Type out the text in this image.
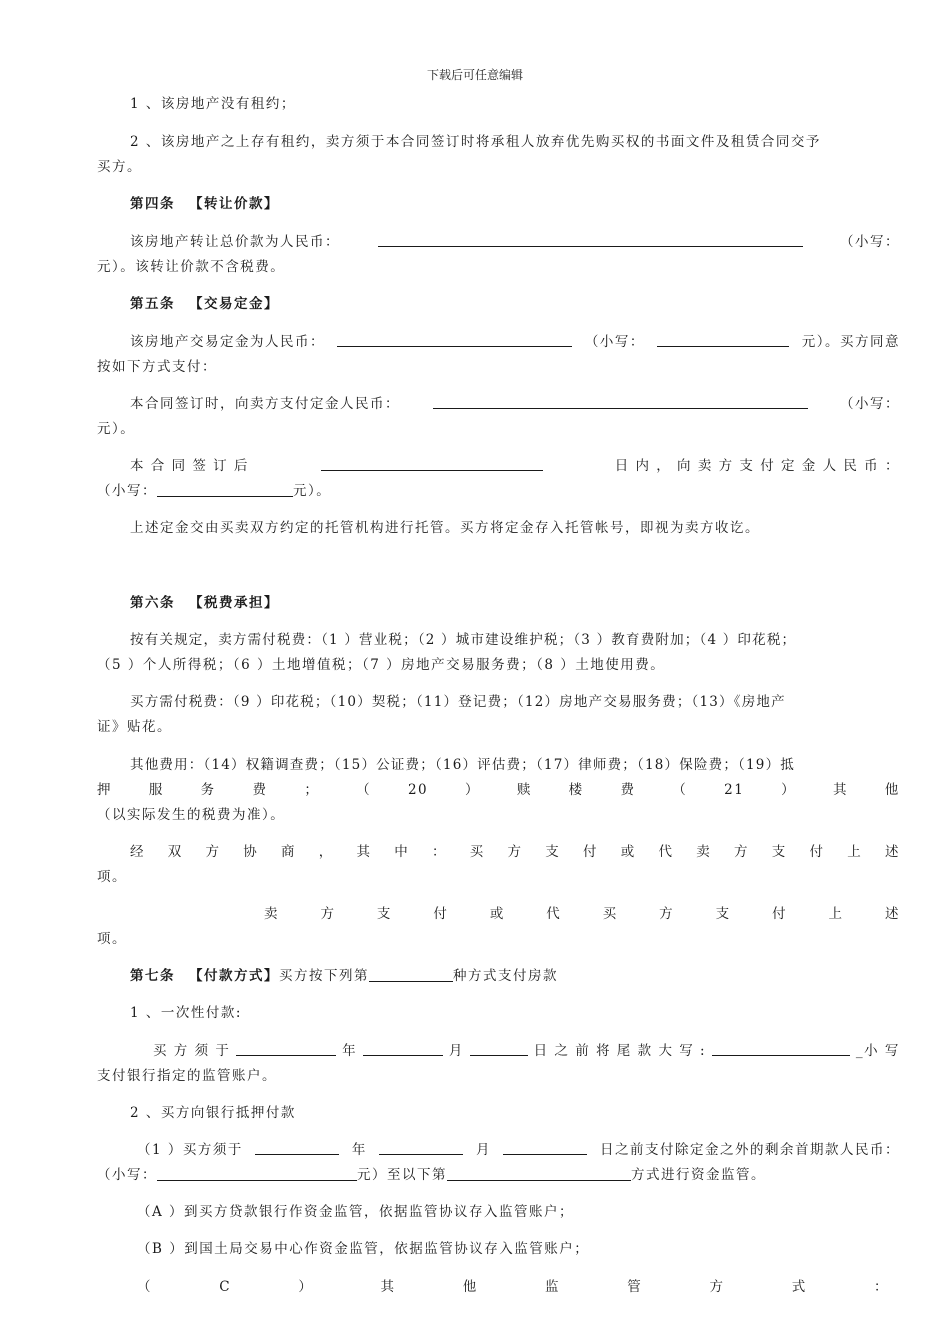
下载后可任意编辑
1 、该房地产没有租约；
2 、该房地产之上存有租约，卖方须于本合同签订时将承租人放弃优先购买权的书面文件及租赁合同交予
买方。
第四条 【转让价款】
该房地产转让总价款为人民币：	（小写：
元）。该转让价款不含税费。
第五条 【交易定金】
该房地产交易定金为人民币：	（小写：	元）。买方同意
按如下方式支付：
本合同签订时，向卖方支付定金人民币：	（小写：
元）。
本 合 同 签 订 后	日 内 ， 向 卖 方 支 付 定 金 人 民 币 ：
（小写：	元）。
上述定金交由买卖双方约定的托管机构进行托管。买方将定金存入托管帐号，即视为卖方收讫。
第六条 【税费承担】
按有关规定，卖方需付税费：（1 ）营业税；（2 ）城市建设维护税；（3 ）教育费附加；（4 ）印花税；
（5 ）个人所得税；（6 ）土地增值税；（7 ）房地产交易服务费；（8 ）土地使用费。
买方需付税费：（9 ）印花税；（10）契税；（11）登记费；（12）房地产交易服务费；（13）《房地产
证》贴花。
其他费用：（14）权籍调查费；（15）公证费；（16）评估费；（17）律师费；（18）保险费；（19）抵
押	服	务	费	；	（	20	）	赎	楼	费	（	21	）	其	他
（以实际发生的税费为准）。
经 双 方 协 商 ， 其 中 ： 买 方 支 付 或 代 卖 方 支 付 上 述
项。
卖	方	支	付	或	代	买	方	支	付	上	述
项。
第七条 【付款方式】买方按下列第	种方式支付房款
1 、一次性付款:
买 方 须 于	年	月	日 之 前 将 尾 款 大 写 :	_小 写
支付银行指定的监管账户。
2 、买方向银行抵押付款
（1 ）买方须于	年	月	日之前支付除定金之外的剩余首期款人民币：
（小写：	元）至以下第	方式进行资金监管。
（A ）到买方贷款银行作资金监管，依据监管协议存入监管账户；
（B ）到国土局交易中心作资金监管，依据监管协议存入监管账户；
（	C	）	其	他	监	管	方	式	：
